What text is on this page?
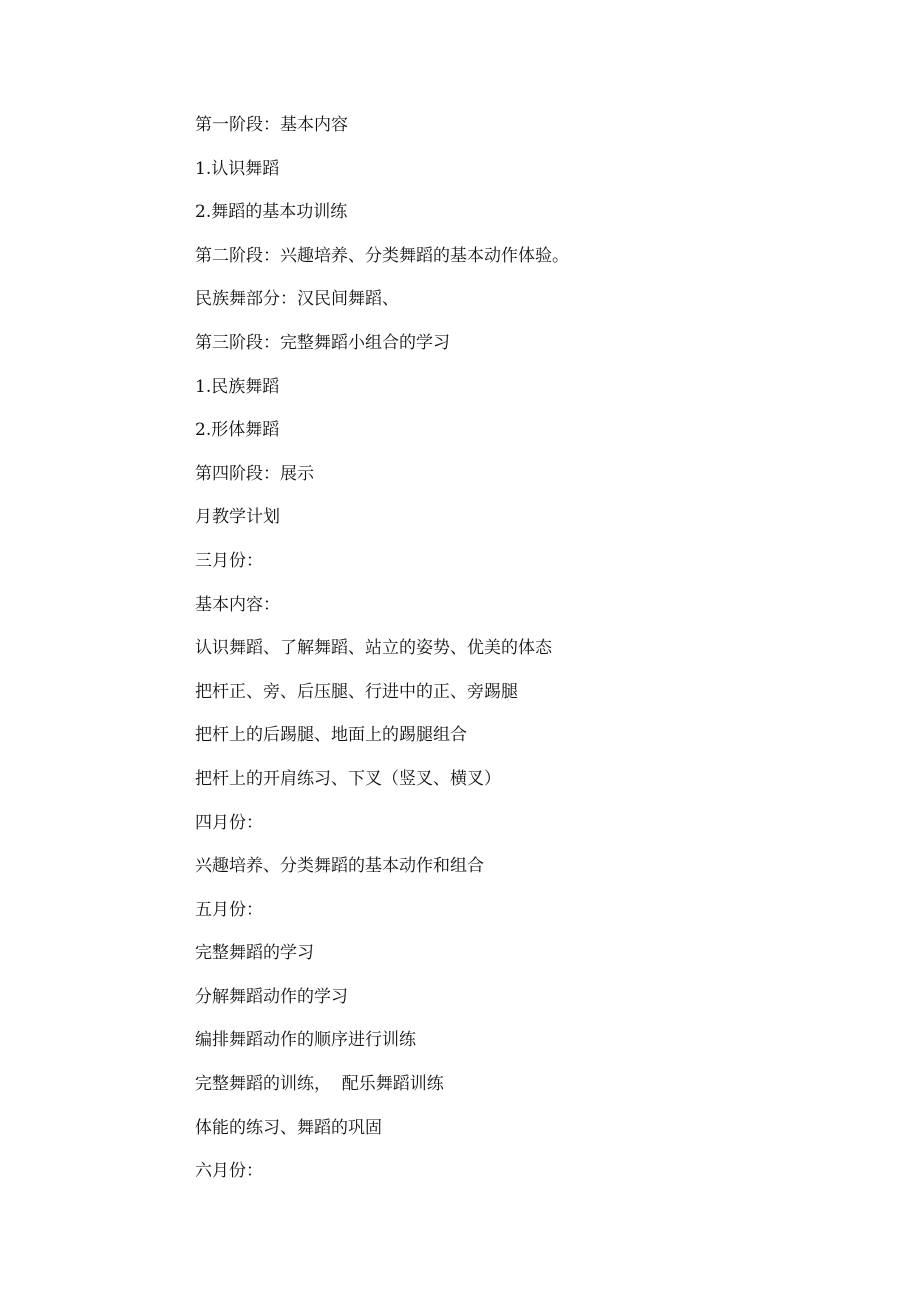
第一阶段：基本内容
1.认识舞蹈
2.舞蹈的基本功训练
第二阶段：兴趣培养、分类舞蹈的基本动作体验。
民族舞部分：汉民间舞蹈、
第三阶段：完整舞蹈小组合的学习
1.民族舞蹈
2.形体舞蹈
第四阶段：展示
月教学计划
三月份：
基本内容：
认识舞蹈、了解舞蹈、站立的姿势、优美的体态
把杆正、旁、后压腿、行进中的正、旁踢腿
把杆上的后踢腿、地面上的踢腿组合
把杆上的开肩练习、下叉（竖叉、横叉）
四月份：
兴趣培养、分类舞蹈的基本动作和组合
五月份：
完整舞蹈的学习
分解舞蹈动作的学习
编排舞蹈动作的顺序进行训练
完整舞蹈的训练，  配乐舞蹈训练
体能的练习、舞蹈的巩固
六月份：
